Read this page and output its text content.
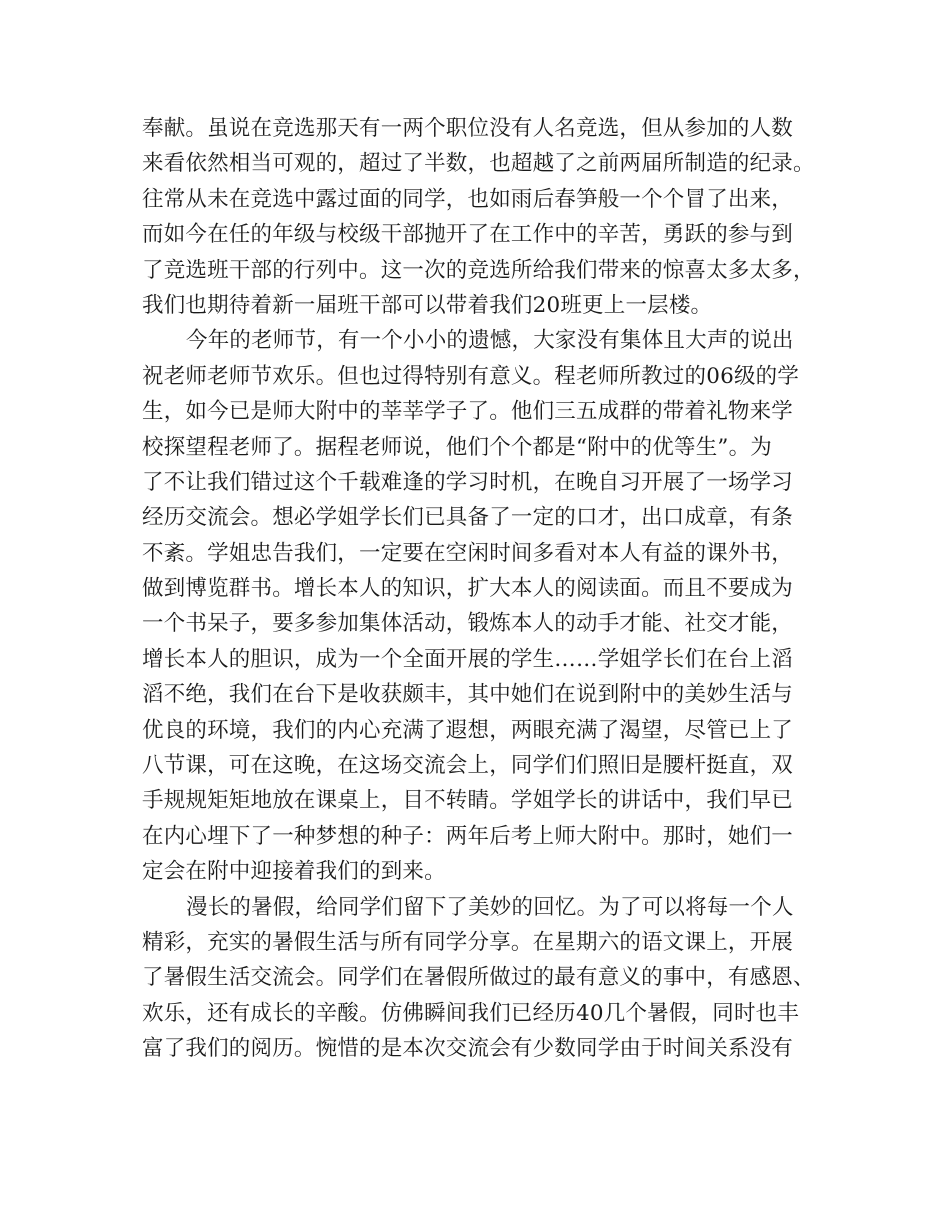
奉献。虽说在竞选那天有一两个职位没有人名竞选，但从参加的人数
来看依然相当可观的，超过了半数，也超越了之前两届所制造的纪录。
往常从未在竞选中露过面的同学，也如雨后春笋般一个个冒了出来，
而如今在任的年级与校级干部抛开了在工作中的辛苦，勇跃的参与到
了竞选班干部的行列中。这一次的竞选所给我们带来的惊喜太多太多，
我们也期待着新一届班干部可以带着我们20班更上一层楼。
今年的老师节，有一个小小的遗憾，大家没有集体且大声的说出
祝老师老师节欢乐。但也过得特别有意义。程老师所教过的06级的学
生，如今已是师大附中的莘莘学子了。他们三五成群的带着礼物来学
校探望程老师了。据程老师说，他们个个都是“附中的优等生”。为
了不让我们错过这个千载难逢的学习时机，在晚自习开展了一场学习
经历交流会。想必学姐学长们已具备了一定的口才，出口成章，有条
不紊。学姐忠告我们，一定要在空闲时间多看对本人有益的课外书，
做到博览群书。增长本人的知识，扩大本人的阅读面。而且不要成为
一个书呆子，要多参加集体活动，锻炼本人的动手才能、社交才能，
增长本人的胆识，成为一个全面开展的学生……学姐学长们在台上滔
滔不绝，我们在台下是收获颇丰，其中她们在说到附中的美妙生活与
优良的环境，我们的内心充满了遐想，两眼充满了渴望，尽管已上了
八节课，可在这晚，在这场交流会上，同学们们照旧是腰杆挺直，双
手规规矩矩地放在课桌上，目不转睛。学姐学长的讲话中，我们早已
在内心埋下了一种梦想的种子：两年后考上师大附中。那时，她们一
定会在附中迎接着我们的到来。
漫长的暑假，给同学们留下了美妙的回忆。为了可以将每一个人
精彩，充实的暑假生活与所有同学分享。在星期六的语文课上，开展
了暑假生活交流会。同学们在暑假所做过的最有意义的事中，有感恩、
欢乐，还有成长的辛酸。仿佛瞬间我们已经历40几个暑假，同时也丰
富了我们的阅历。惋惜的是本次交流会有少数同学由于时间关系没有
